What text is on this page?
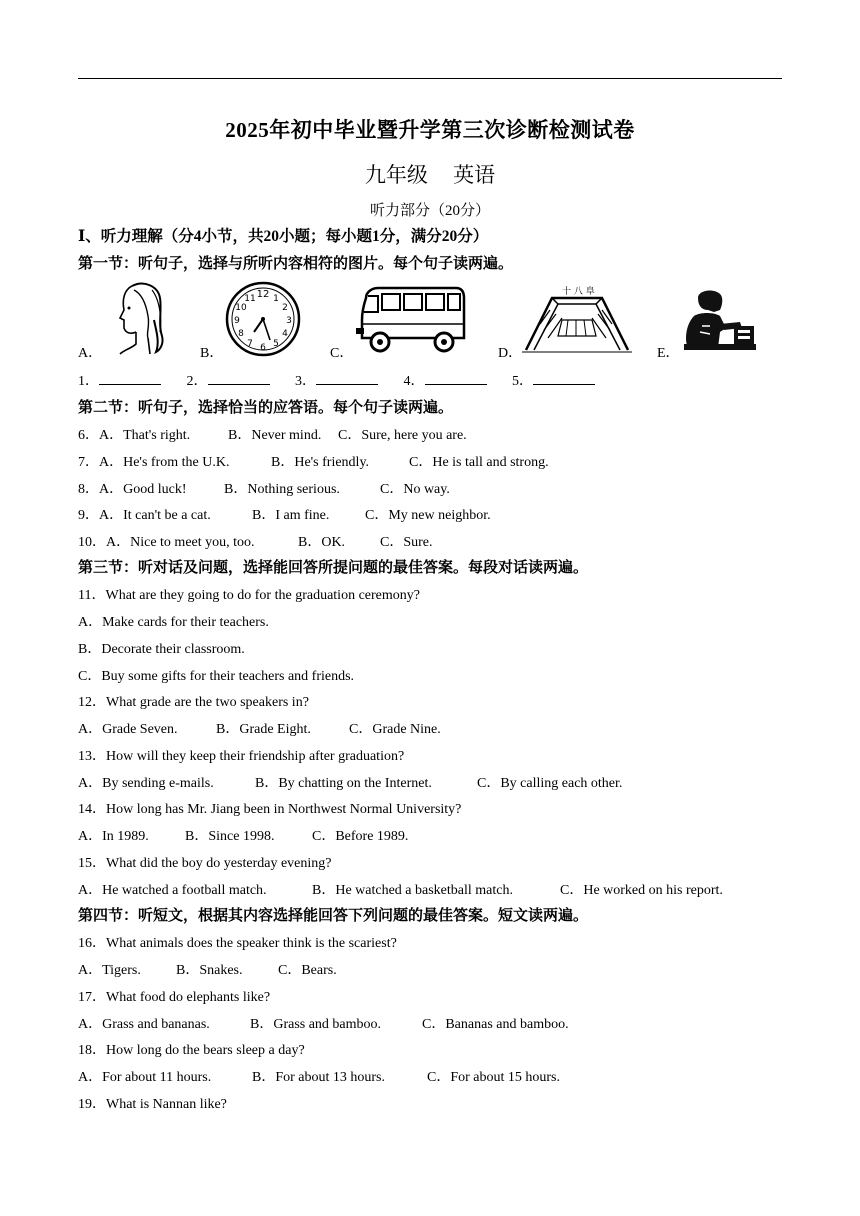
2025年初中毕业暨升学第三次诊断检测试卷
九年级 英语
听力部分（20分）
Ⅰ、听力理解（分4小节，共20小题；每小题1分，满分20分）
第一节：听句子，选择与所听内容相符的图片。每个句子读两遍。
A．	B．
12 1
2
3
4
5
6
7
8
9
10
11
C．	D．
十 八 阜
E．
1．	2．	3．	4．	5．
第二节：听句子，选择恰当的应答语。每个句子读两遍。
6．A．That's right.	B．Never mind. C．Sure, here you are.
7．A．He's from the U.K.	B．He's friendly.	C．He is tall and strong.
8．A．Good luck!	B．Nothing serious.	C．No way.
9．A．It can't be a cat.	B．I am fine.	C．My new neighbor.
10．A．Nice to meet you, too.	B．OK. C．Sure.
第三节：听对话及问题，选择能回答所提问题的最佳答案。每段对话读两遍。
11．What are they going to do for the graduation ceremony?
A．Make cards for their teachers.
B．Decorate their classroom.
C．Buy some gifts for their teachers and friends.
12．What grade are the two speakers in?
A．Grade Seven.	B．Grade Eight.	C．Grade Nine.
13．How will they keep their friendship after graduation?
A．By sending e-mails.	B．By chatting on the Internet.	C．By calling each other.
14．How long has Mr. Jiang been in Northwest Normal University?
A．In 1989.	B．Since 1998.	C．Before 1989.
15．What did the boy do yesterday evening?
A．He watched a football match.	B．He watched a basketball match.	C．He worked on his report.
第四节：听短文，根据其内容选择能回答下列问题的最佳答案。短文读两遍。
16．What animals does the speaker think is the scariest?
A．Tigers.	B．Snakes.	C．Bears.
17．What food do elephants like?
A．Grass and bananas.	B．Grass and bamboo.	C．Bananas and bamboo.
18．How long do the bears sleep a day?
A．For about 11 hours.	B．For about 13 hours.	C．For about 15 hours.
19．What is Nannan like?
